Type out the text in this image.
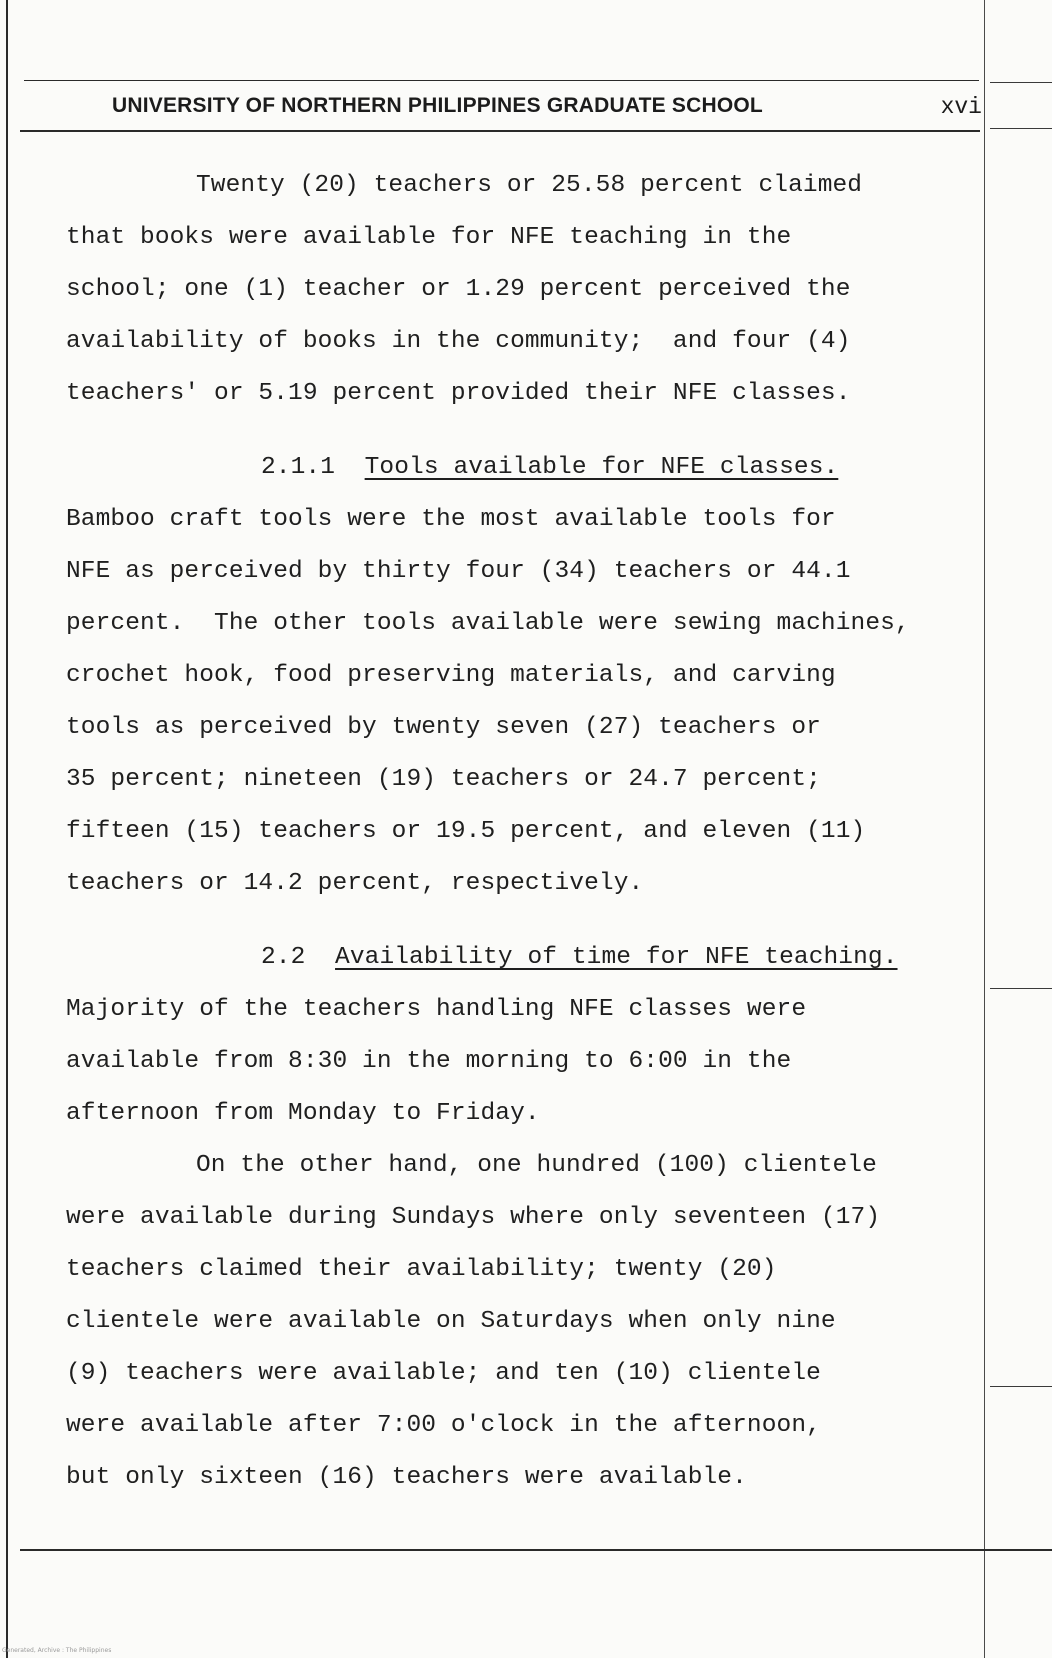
UNIVERSITY OF NORTHERN PHILIPPINES GRADUATE SCHOOL	xvi
Twenty (20) teachers or 25.58 percent claimed
that books were available for NFE teaching in the
school; one (1) teacher or 1.29 percent perceived the
availability of books in the community;  and four (4)
teachers' or 5.19 percent provided their NFE classes.
2.1.1 Tools available for NFE classes.
Bamboo craft tools were the most available tools for
NFE as perceived by thirty four (34) teachers or 44.1
percent.  The other tools available were sewing machines,
crochet hook, food preserving materials, and carving
tools as perceived by twenty seven (27) teachers or
35 percent; nineteen (19) teachers or 24.7 percent;
fifteen (15) teachers or 19.5 percent, and eleven (11)
teachers or 14.2 percent, respectively.
2.2 Availability of time for NFE teaching.
Majority of the teachers handling NFE classes were
available from 8:30 in the morning to 6:00 in the
afternoon from Monday to Friday.
On the other hand, one hundred (100) clientele
were available during Sundays where only seventeen (17)
teachers claimed their availability; twenty (20)
clientele were available on Saturdays when only nine
(9) teachers were available; and ten (10) clientele
were available after 7:00 o'clock in the afternoon,
but only sixteen (16) teachers were available.
Generated, Archive : The Philippines
